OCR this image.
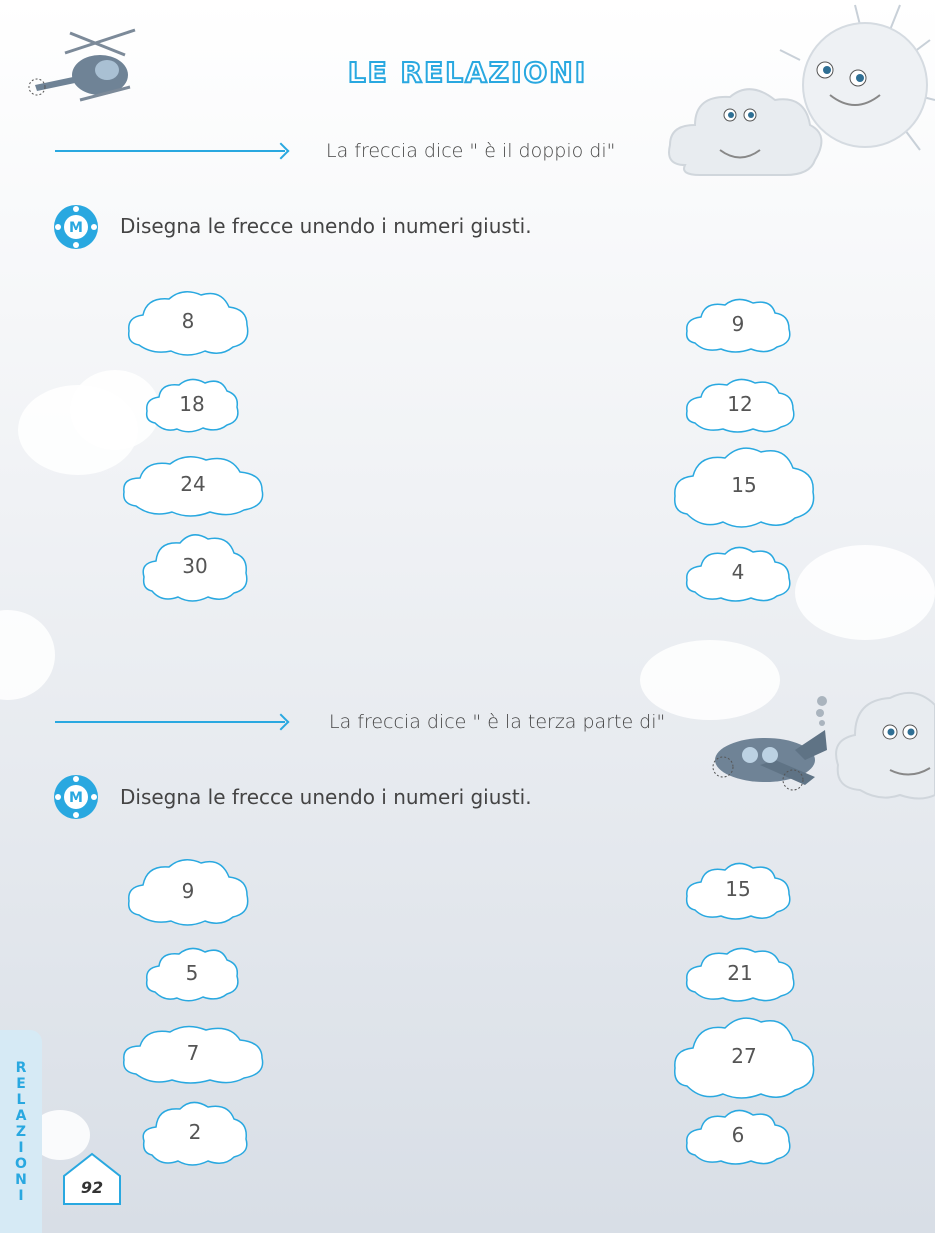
LE RELAZIONI
La freccia dice " è il doppio di"
M Disegna le frecce unendo i numeri giusti.
8
18
24
30
9
12
15
4
La freccia dice " è la terza parte di"
M Disegna le frecce unendo i numeri giusti.
9
5
7
2
15
21
27
6
R
E
L
A
Z
I
O
N
I	92
